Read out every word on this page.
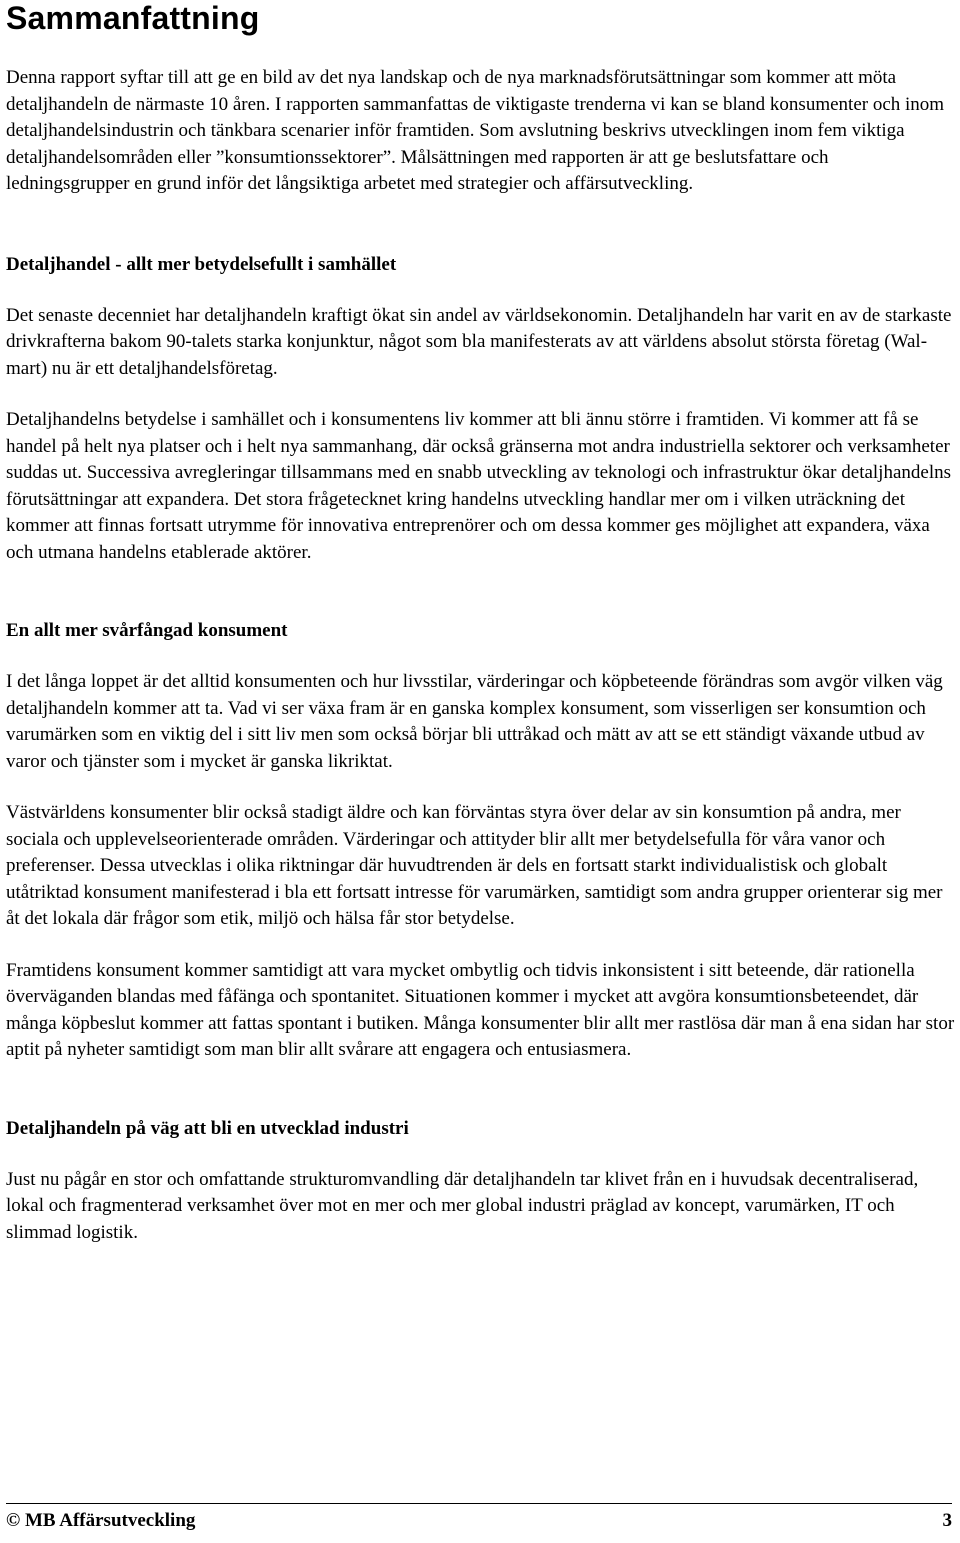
Sammanfattning

Denna rapport syftar till att ge en bild av det nya landskap och de nya marknadsförutsättningar som kommer att möta detaljhandeln de närmaste 10 åren. I rapporten sammanfattas de viktigaste trenderna vi kan se bland konsumenter och inom detaljhandelsindustrin och tänkbara scenarier inför framtiden. Som avslutning beskrivs utvecklingen inom fem viktiga detaljhandelsområden eller ”konsumtionssektorer”. Målsättningen med rapporten är att ge beslutsfattare och ledningsgrupper en grund inför det långsiktiga arbetet med strategier och affärsutveckling.

Detaljhandel - allt mer betydelsefullt i samhället

Det senaste decenniet har detaljhandeln kraftigt ökat sin andel av världsekonomin. Detaljhandeln har varit en av de starkaste drivkrafterna bakom 90-talets starka konjunktur, något som bla manifesterats av att världens absolut största företag (Wal-mart) nu är ett detaljhandelsföretag.

Detaljhandelns betydelse i samhället och i konsumentens liv kommer att bli ännu större i framtiden. Vi kommer att få se handel på helt nya platser och i helt nya sammanhang, där också gränserna mot andra industriella sektorer och verksamheter suddas ut. Successiva avregleringar tillsammans med en snabb utveckling av teknologi och infrastruktur ökar detaljhandelns förutsättningar att expandera. Det stora frågetecknet kring handelns utveckling handlar mer om i vilken uträckning det kommer att finnas fortsatt utrymme för innovativa entreprenörer och om dessa kommer ges möjlighet att expandera, växa och utmana handelns etablerade aktörer.

En allt mer svårfångad konsument

I det långa loppet är det alltid konsumenten och hur livsstilar, värderingar och köpbeteende förändras som avgör vilken väg detaljhandeln kommer att ta. Vad vi ser växa fram är en ganska komplex konsument, som visserligen ser konsumtion och varumärken som en viktig del i sitt liv men som också börjar bli uttråkad och mätt av att se ett ständigt växande utbud av varor och tjänster som i mycket är ganska likriktat.

Västvärldens konsumenter blir också stadigt äldre och kan förväntas styra över delar av sin konsumtion på andra, mer sociala och upplevelseorienterade områden. Värderingar och attityder blir allt mer betydelsefulla för våra vanor och preferenser. Dessa utvecklas i olika riktningar där huvudtrenden är dels en fortsatt starkt individualistisk och globalt utåtriktad konsument manifesterad i bla ett fortsatt intresse för varumärken, samtidigt som andra grupper orienterar sig mer åt det lokala där frågor som etik, miljö och hälsa får stor betydelse.

Framtidens konsument kommer samtidigt att vara mycket ombytlig och tidvis inkonsistent i sitt beteende, där rationella överväganden blandas med fåfänga och spontanitet. Situationen kommer i mycket att avgöra konsumtionsbeteendet, där många köpbeslut kommer att fattas spontant i butiken. Många konsumenter blir allt mer rastlösa där man å ena sidan har stor aptit på nyheter samtidigt som man blir allt svårare att engagera och entusiasmera.

Detaljhandeln på väg att bli en utvecklad industri

Just nu pågår en stor och omfattande strukturomvandling där detaljhandeln tar klivet från en i huvudsak decentraliserad, lokal och fragmenterad verksamhet över mot en mer och mer global industri präglad av koncept, varumärken, IT och slimmad logistik.

© MB Affärsutveckling	3
